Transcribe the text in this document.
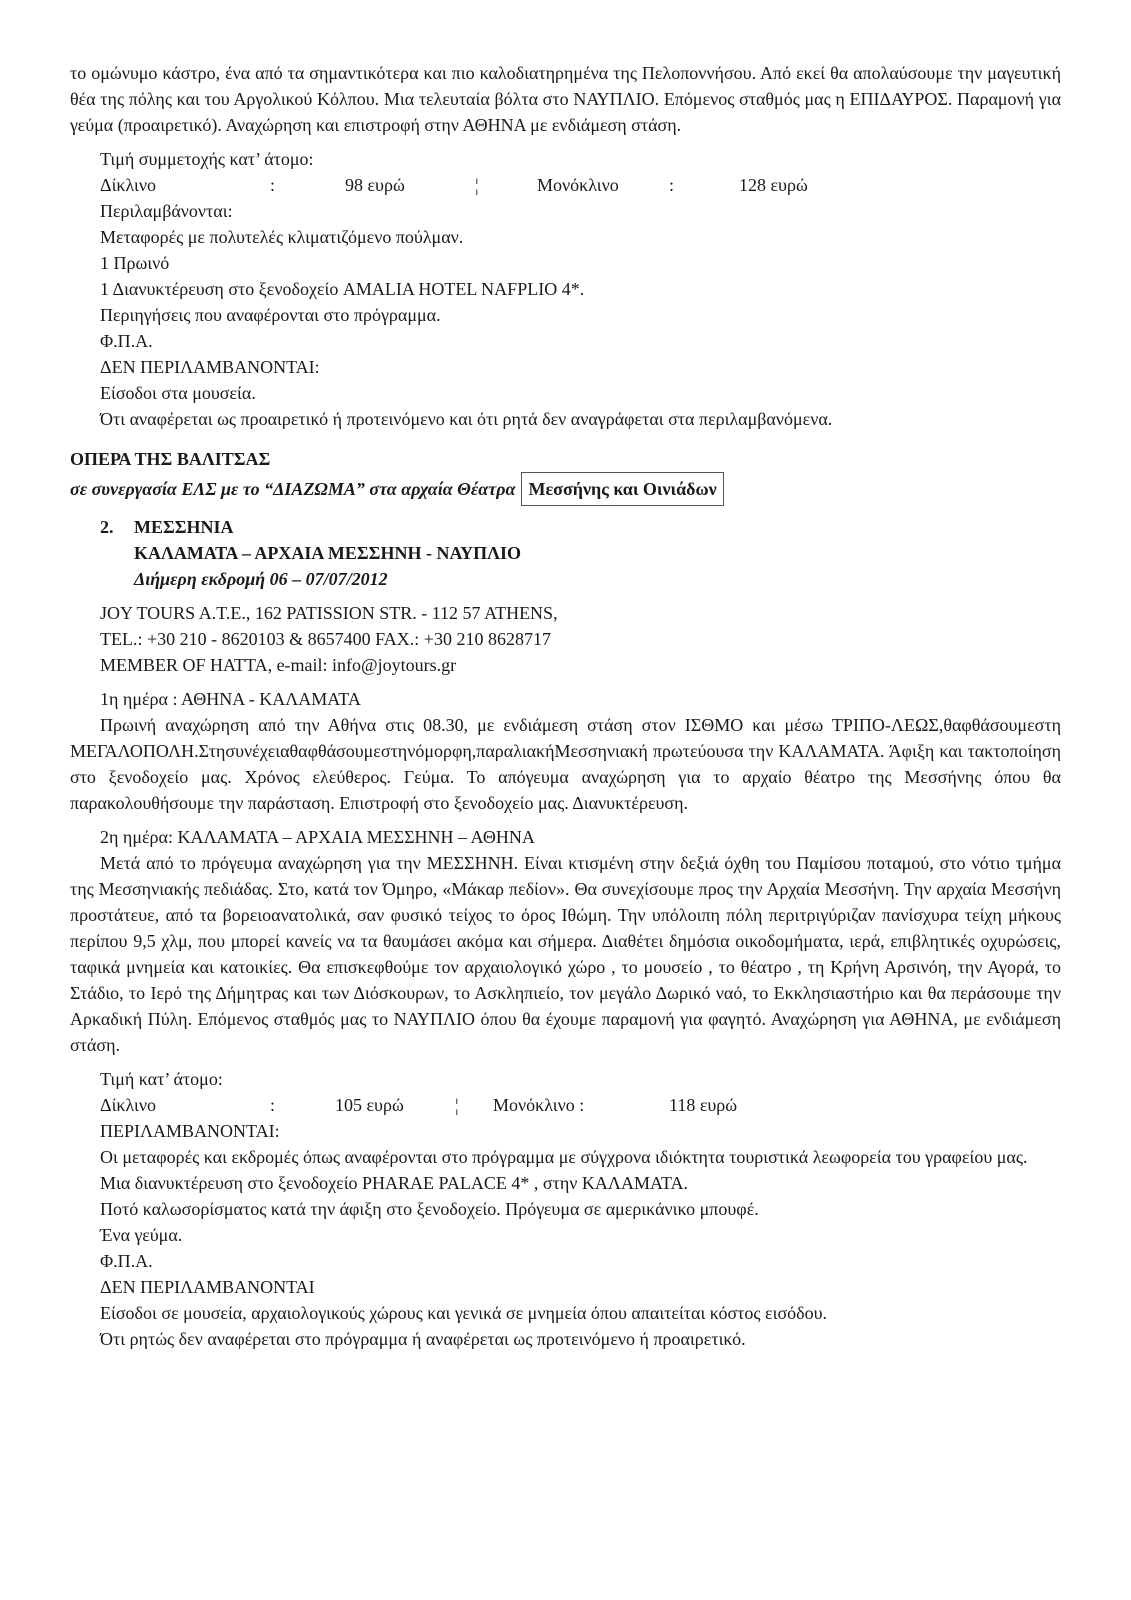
το ομώνυμο κάστρο, ένα από τα σημαντικότερα και πιο καλοδιατηρημένα της Πελοποννήσου. Από εκεί θα απολαύσουμε την μαγευτική θέα της πόλης και του Αργολικού Κόλπου. Μια τελευταία βόλτα στο ΝΑΥΠΛΙΟ. Επόμενος σταθμός μας η ΕΠΙΔΑΥΡΟΣ. Παραμονή για γεύμα (προαιρετικό). Αναχώρηση και επιστροφή στην ΑΘΗΝΑ με ενδιάμεση στάση.

Τιμή συμμετοχής κατ’ άτομο:

Δίκλινο	:	98 ευρώ	¦	Μονόκλινο	:	128 ευρώ

Περιλαμβάνονται:

Μεταφορές με πολυτελές κλιματιζόμενο πούλμαν.

1 Πρωινό

1 Διανυκτέρευση στο ξενοδοχείο AMALIA HOTEL NAFPLIO 4*.

Περιηγήσεις που αναφέρονται στο πρόγραμμα.

Φ.Π.Α.

ΔΕΝ ΠΕΡΙΛΑΜΒΑΝΟΝΤΑΙ:

Είσοδοι στα μουσεία.

Ότι αναφέρεται ως προαιρετικό ή προτεινόμενο και ότι ρητά δεν αναγράφεται στα περιλαμβανόμενα.

ΟΠΕΡΑ ΤΗΣ ΒΑΛΙΤΣΑΣ

σε συνεργασία ΕΛΣ με το “ΔΙΑΖΩΜΑ” στα αρχαία Θέατρα Μεσσήνης και Οινιάδων

2. ΜΕΣΣΗΝΙΑ

ΚΑΛΑΜΑΤΑ – ΑΡΧΑΙΑ ΜΕΣΣΗΝΗ - ΝΑΥΠΛΙΟ

Διήμερη εκδρομή 06 – 07/07/2012

JOY TOURS A.T.E., 162 PATISSION STR. - 112 57 ATHENS,

TEL.: +30 210 - 8620103 & 8657400 FAX.: +30 210 8628717

MEMBER OF HATTA, e-mail: info@joytours.gr

1η ημέρα : ΑΘΗΝΑ - ΚΑΛΑΜΑΤΑ

Πρωινή αναχώρηση από την Αθήνα στις 08.30, με ενδιάμεση στάση στον ΙΣΘΜΟ και μέσω ΤΡΙΠΟ-ΛΕΩΣ,θαφθάσουμεστη ΜΕΓΑΛΟΠΟΛΗ.Στησυνέχειαθαφθάσουμεστηνόμορφη,παραλιακήΜεσσηνιακή πρωτεύουσα την ΚΑΛΑΜΑΤΑ. Άφιξη και τακτοποίηση στο ξενοδοχείο μας. Χρόνος ελεύθερος. Γεύμα. Το απόγευμα αναχώρηση για το αρχαίο θέατρο της Μεσσήνης όπου θα παρακολουθήσουμε την παράσταση. Επιστροφή στο ξενοδοχείο μας. Διανυκτέρευση.

2η ημέρα: ΚΑΛΑΜΑΤΑ – ΑΡΧΑΙΑ ΜΕΣΣΗΝΗ – ΑΘΗΝΑ

Μετά από το πρόγευμα αναχώρηση για την ΜΕΣΣΗΝΗ. Είναι κτισμένη στην δεξιά όχθη του Παμίσου ποταμού, στο νότιο τμήμα της Μεσσηνιακής πεδιάδας. Στο, κατά τον Όμηρο, «Μάκαρ πεδίον». Θα συνεχίσουμε προς την Αρχαία Μεσσήνη. Την αρχαία Μεσσήνη προστάτευε, από τα βορειοανατολικά, σαν φυσικό τείχος το όρος Ιθώμη. Την υπόλοιπη πόλη περιτριγύριζαν πανίσχυρα τείχη μήκους περίπου 9,5 χλμ, που μπορεί κανείς να τα θαυμάσει ακόμα και σήμερα. Διαθέτει δημόσια οικοδομήματα, ιερά, επιβλητικές οχυρώσεις, ταφικά μνημεία και κατοικίες. Θα επισκεφθούμε τον αρχαιολογικό χώρο , το μουσείο , το θέατρο , τη Κρήνη Αρσινόη, την Αγορά, το Στάδιο, το Ιερό της Δήμητρας και των Διόσκουρων, το Ασκληπιείο, τον μεγάλο Δωρικό ναό, το Εκκλησιαστήριο και θα περάσουμε την Αρκαδική Πύλη. Επόμενος σταθμός μας το ΝΑΥΠΛΙΟ όπου θα έχουμε παραμονή για φαγητό. Αναχώρηση για ΑΘΗΝΑ, με ενδιάμεση στάση.

Τιμή κατ’ άτομο:

Δίκλινο	:	105 ευρώ	¦	Μονόκλινο :	118 ευρώ

ΠΕΡΙΛΑΜΒΑΝΟΝΤΑΙ:

Οι μεταφορές και εκδρομές όπως αναφέρονται στο πρόγραμμα με σύγχρονα ιδιόκτητα τουριστικά λεωφορεία του γραφείου μας.

Μια διανυκτέρευση στο ξενοδοχείο PHARAE PALACE 4* , στην ΚΑΛΑΜΑΤΑ.

Ποτό καλωσορίσματος κατά την άφιξη στο ξενοδοχείο. Πρόγευμα σε αμερικάνικο μπουφέ.

Ένα γεύμα.

Φ.Π.Α.

ΔΕΝ ΠΕΡΙΛΑΜΒΑΝΟΝΤΑΙ

Είσοδοι σε μουσεία, αρχαιολογικούς χώρους και γενικά σε μνημεία όπου απαιτείται κόστος εισόδου.

Ότι ρητώς δεν αναφέρεται στο πρόγραμμα ή αναφέρεται ως προτεινόμενο ή προαιρετικό.
